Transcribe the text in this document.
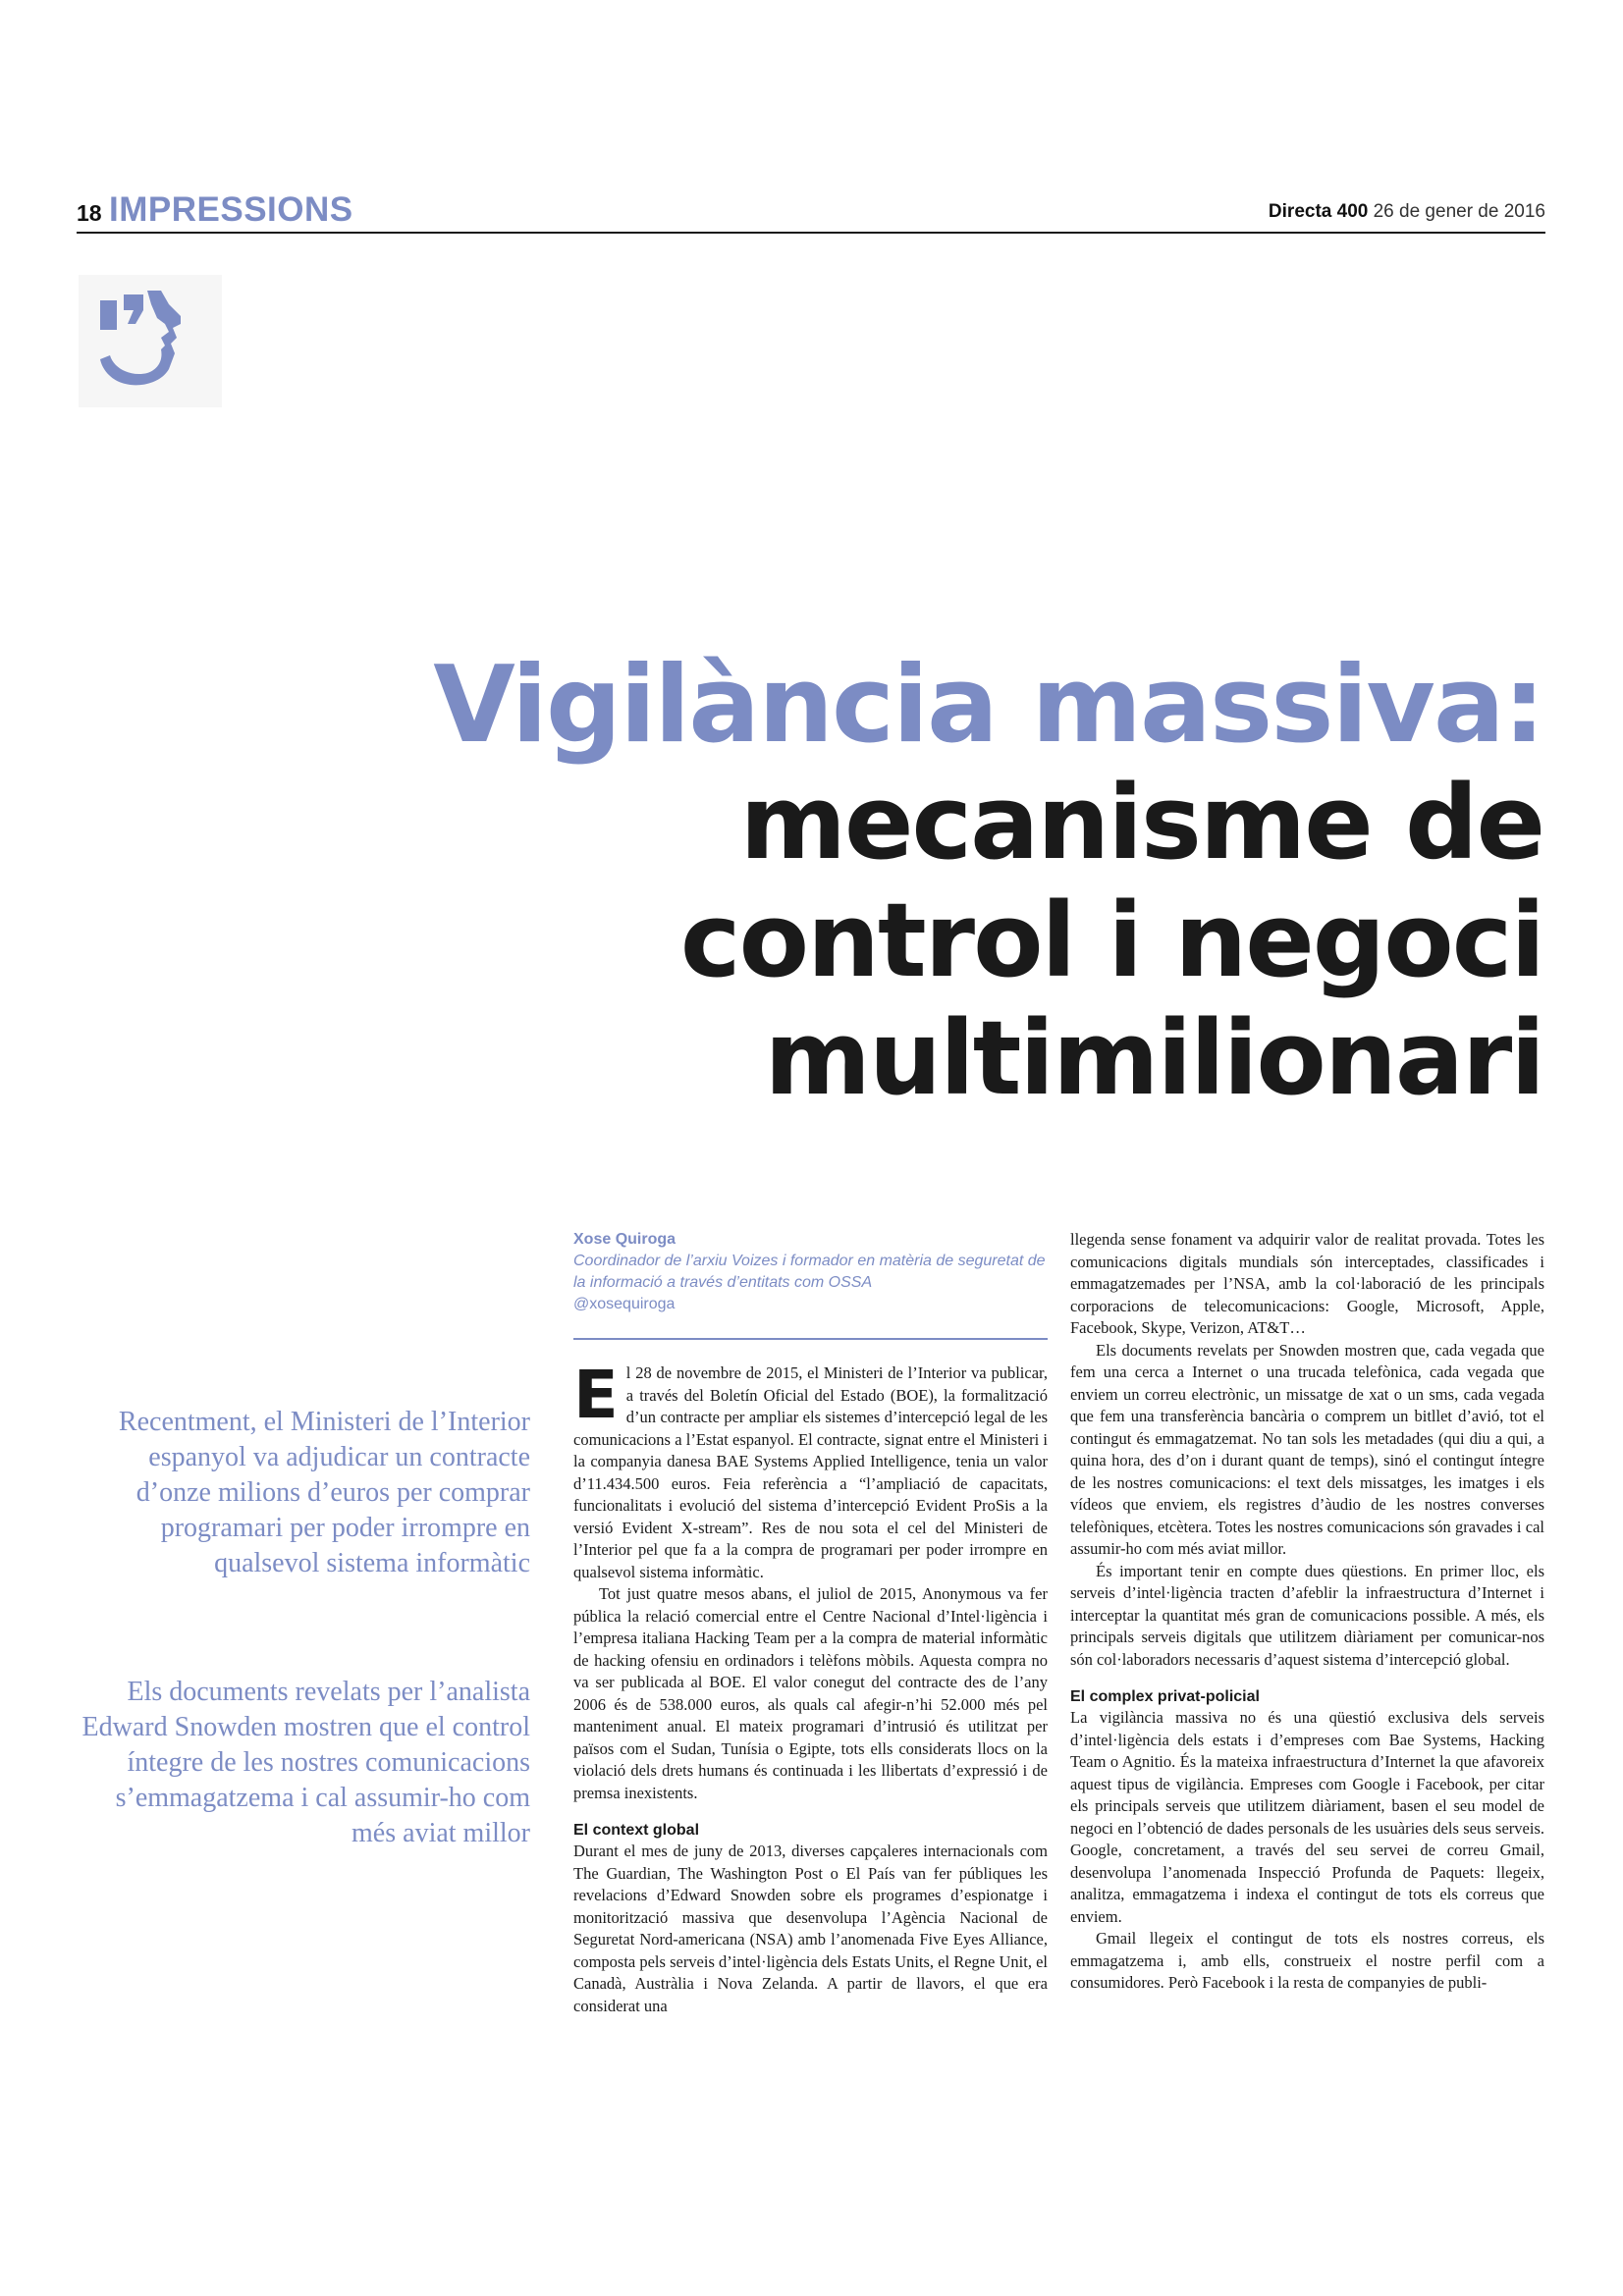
18 IMPRESSIONS	Directa 400 26 de gener de 2016
Vigilància massiva:
mecanisme de
control i negoci
multimilionari
Recentment, el Ministeri de l’Interior espanyol va adjudicar un contracte d’onze milions d’euros per comprar programari per poder irrompre en qualsevol sistema informàtic
Els documents revelats per l’analista Edward Snowden mostren que el control íntegre de les nostres comunicacions s’emmagatzema i cal assumir-ho com més aviat millor
Xose Quiroga
Coordinador de l’arxiu Voizes i formador en matèria de seguretat de la informació a través d’entitats com OSSA
@xosequiroga

El 28 de novembre de 2015, el Ministeri de l’Interior va publicar, a través del Boletín Oficial del Estado (BOE), la formalització d’un contracte per ampliar els sistemes d’intercepció legal de les comunicacions a l’Estat espanyol. El contracte, signat entre el Ministeri i la companyia danesa BAE Systems Applied Intelligence, tenia un valor d’11.434.500 euros. Feia referència a “l’ampliació de capacitats, funcionalitats i evolució del sistema d’intercepció Evident ProSis a la versió Evident X-stream”. Res de nou sota el cel del Ministeri de l’Interior pel que fa a la compra de programari per poder irrompre en qualsevol sistema informàtic.

Tot just quatre mesos abans, el juliol de 2015, Anonymous va fer pública la relació comercial entre el Centre Nacional d’Intel·ligència i l’empresa italiana Hacking Team per a la compra de material informàtic de hacking ofensiu en ordinadors i telèfons mòbils. Aquesta compra no va ser publicada al BOE. El valor conegut del contracte des de l’any 2006 és de 538.000 euros, als quals cal afegir-n’hi 52.000 més pel manteniment anual. El mateix programari d’intrusió és utilitzat per països com el Sudan, Tunísia o Egipte, tots ells considerats llocs on la violació dels drets humans és continuada i les llibertats d’expressió i de premsa inexistents.

El context global

Durant el mes de juny de 2013, diverses capçaleres internacionals com The Guardian, The Washington Post o El País van fer públiques les revelacions d’Edward Snowden sobre els programes d’espionatge i monitorització massiva que desenvolupa l’Agència Nacional de Seguretat Nord-americana (NSA) amb l’anomenada Five Eyes Alliance, composta pels serveis d’intel·ligència dels Estats Units, el Regne Unit, el Canadà, Austràlia i Nova Zelanda. A partir de llavors, el que era considerat una

llegenda sense fonament va adquirir valor de realitat provada. Totes les comunicacions digitals mundials són interceptades, classificades i emmagatzemades per l’NSA, amb la col·laboració de les principals corporacions de telecomunicacions: Google, Microsoft, Apple, Facebook, Skype, Verizon, AT&T…

Els documents revelats per Snowden mostren que, cada vegada que fem una cerca a Internet o una trucada telefònica, cada vegada que enviem un correu electrònic, un missatge de xat o un sms, cada vegada que fem una transferència bancària o comprem un bitllet d’avió, tot el contingut és emmagatzemat. No tan sols les metadades (qui diu a qui, a quina hora, des d’on i durant quant de temps), sinó el contingut íntegre de les nostres comunicacions: el text dels missatges, les imatges i els vídeos que enviem, els registres d’àudio de les nostres converses telefòniques, etcètera. Totes les nostres comunicacions són gravades i cal assumir-ho com més aviat millor.

És important tenir en compte dues qüestions. En primer lloc, els serveis d’intel·ligència tracten d’afeblir la infraestructura d’Internet i interceptar la quantitat més gran de comunicacions possible. A més, els principals serveis digitals que utilitzem diàriament per comunicar-nos són col·laboradors necessaris d’aquest sistema d’intercepció global.

El complex privat-policial

La vigilància massiva no és una qüestió exclusiva dels serveis d’intel·ligència dels estats i d’empreses com Bae Systems, Hacking Team o Agnitio. És la mateixa infraestructura d’Internet la que afavoreix aquest tipus de vigilància. Empreses com Google i Facebook, per citar els principals serveis que utilitzem diàriament, basen el seu model de negoci en l’obtenció de dades personals de les usuàries dels seus serveis. Google, concretament, a través del seu servei de correu Gmail, desenvolupa l’anomenada Inspecció Profunda de Paquets: llegeix, analitza, emmagatzema i indexa el contingut de tots els correus que enviem.

Gmail llegeix el contingut de tots els nostres correus, els emmagatzema i, amb ells, construeix el nostre perfil com a consumidores. Però Facebook i la resta de companyies de publi-
